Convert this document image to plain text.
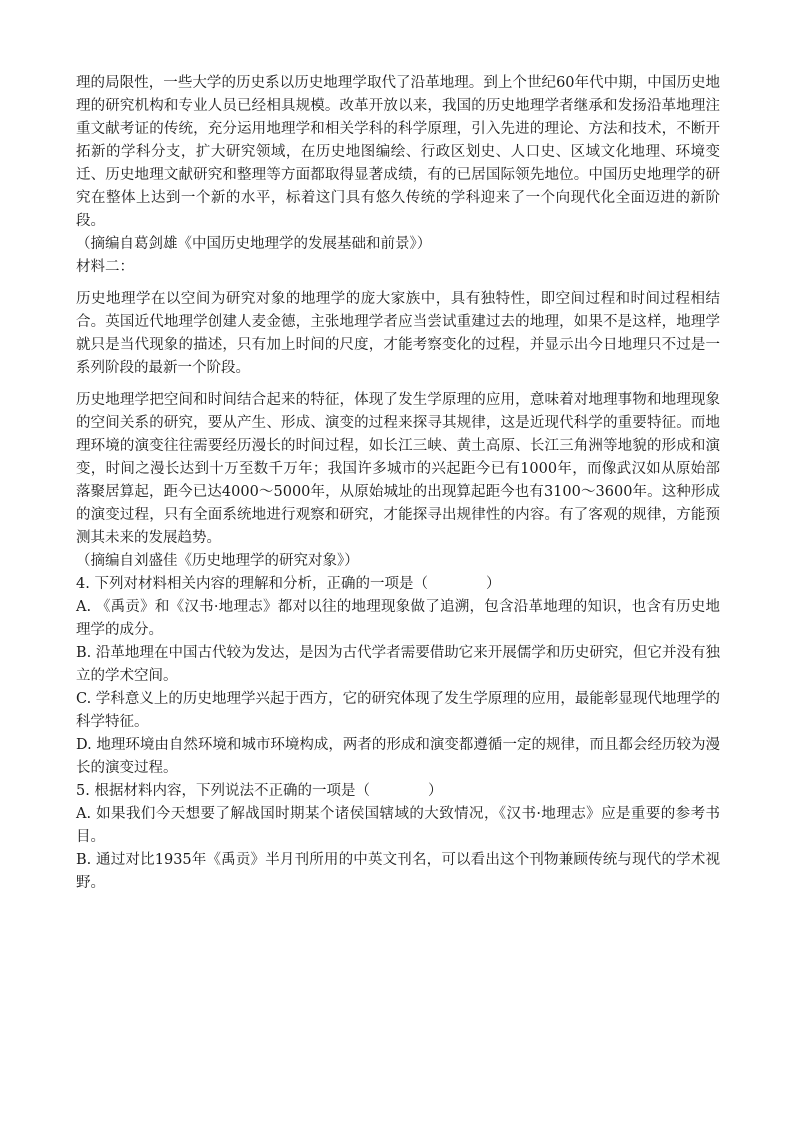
理的局限性，一些大学的历史系以历史地理学取代了沿革地理。到上个世纪60年代中期，中国历史地理的研究机构和专业人员已经相具规模。改革开放以来，我国的历史地理学者继承和发扬沿革地理注重文献考证的传统，充分运用地理学和相关学科的科学原理，引入先进的理论、方法和技术，不断开拓新的学科分支，扩大研究领域，在历史地图编绘、行政区划史、人口史、区域文化地理、环境变迁、历史地理文献研究和整理等方面都取得显著成绩，有的已居国际领先地位。中国历史地理学的研究在整体上达到一个新的水平，标着这门具有悠久传统的学科迎来了一个向现代化全面迈进的新阶段。

（摘编自葛剑雄《中国历史地理学的发展基础和前景》）

材料二：

历史地理学在以空间为研究对象的地理学的庞大家族中，具有独特性，即空间过程和时间过程相结合。英国近代地理学创建人麦金德，主张地理学者应当尝试重建过去的地理，如果不是这样，地理学就只是当代现象的描述，只有加上时间的尺度，才能考察变化的过程，并显示出今日地理只不过是一系列阶段的最新一个阶段。

历史地理学把空间和时间结合起来的特征，体现了发生学原理的应用，意味着对地理事物和地理现象的空间关系的研究，要从产生、形成、演变的过程来探寻其规律，这是近现代科学的重要特征。而地理环境的演变往往需要经历漫长的时间过程，如长江三峡、黄土高原、长江三角洲等地貌的形成和演变，时间之漫长达到十万至数千万年；我国许多城市的兴起距今已有1000年，而像武汉如从原始部落聚居算起，距今已达4000～5000年，从原始城址的出现算起距今也有3100～3600年。这种形成的演变过程，只有全面系统地进行观察和研究，才能探寻出规律性的内容。有了客观的规律，方能预测其未来的发展趋势。

（摘编自刘盛佳《历史地理学的研究对象》）

4. 下列对材料相关内容的理解和分析，正确的一项是（	）

A. 《禹贡》和《汉书·地理志》都对以往的地理现象做了追溯，包含沿革地理的知识，也含有历史地理学的成分。

B. 沿革地理在中国古代较为发达，是因为古代学者需要借助它来开展儒学和历史研究，但它并没有独立的学术空间。

C. 学科意义上的历史地理学兴起于西方，它的研究体现了发生学原理的应用，最能彰显现代地理学的科学特征。

D. 地理环境由自然环境和城市环境构成，两者的形成和演变都遵循一定的规律，而且都会经历较为漫长的演变过程。

5. 根据材料内容，下列说法不正确的一项是（	）

A. 如果我们今天想要了解战国时期某个诸侯国辖域的大致情况，《汉书·地理志》应是重要的参考书目。

B. 通过对比1935年《禹贡》半月刊所用的中英文刊名，可以看出这个刊物兼顾传统与现代的学术视野。
